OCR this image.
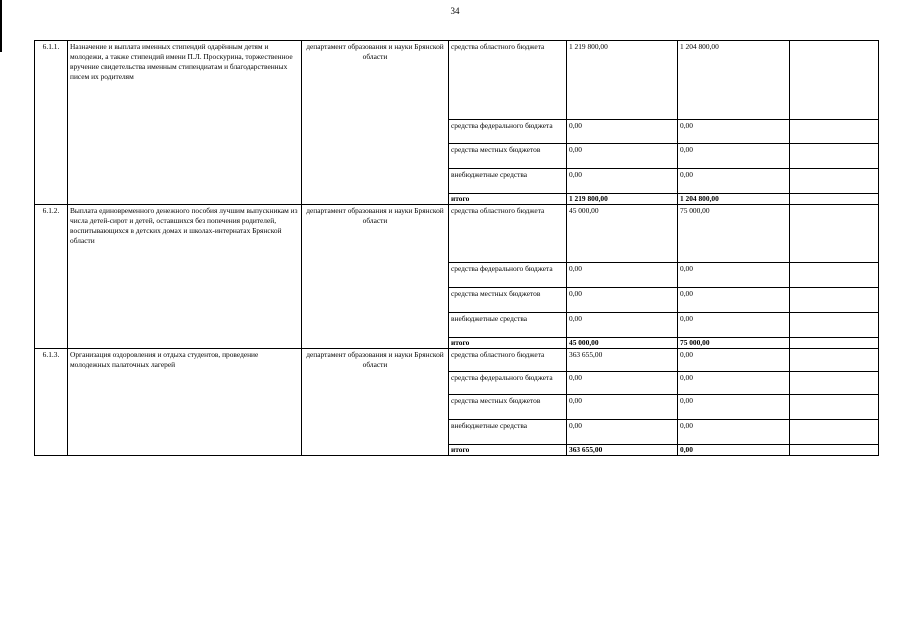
34
6.1.1.	Назначение и выплата именных стипендий одарённым детям и молодежи, а также стипендий имени П.Л. Проскурина, торжественное вручение свидетельства именным стипендиатам и благодарственных писем их родителям	департамент образования и науки Брянской области	средства областного бюджета	1 219 800,00	1 204 800,00	
			средства федерального бюджета	0,00	0,00	
			средства местных бюджетов	0,00	0,00	
			внебюджетные средства	0,00	0,00	
			итого	1 219 800,00	1 204 800,00	
6.1.2.	Выплата единовременного денежного пособия лучшим выпускникам из числа детей-сирот и детей, оставшихся без попечения родителей, воспитывающихся в детских домах и школах-интернатах Брянской области	департамент образования и науки Брянской области	средства областного бюджета	45 000,00	75 000,00	
			средства федерального бюджета	0,00	0,00	
			средства местных бюджетов	0,00	0,00	
			внебюджетные средства	0,00	0,00	
			итого	45 000,00	75 000,00	
6.1.3.	Организация оздоровления и отдыха студентов, проведение молодежных палаточных лагерей	департамент образования и науки Брянской области	средства областного бюджета	363 655,00	0,00	
			средства федерального бюджета	0,00	0,00	
			средства местных бюджетов	0,00	0,00	
			внебюджетные средства	0,00	0,00	
			итого	363 655,00	0,00	
